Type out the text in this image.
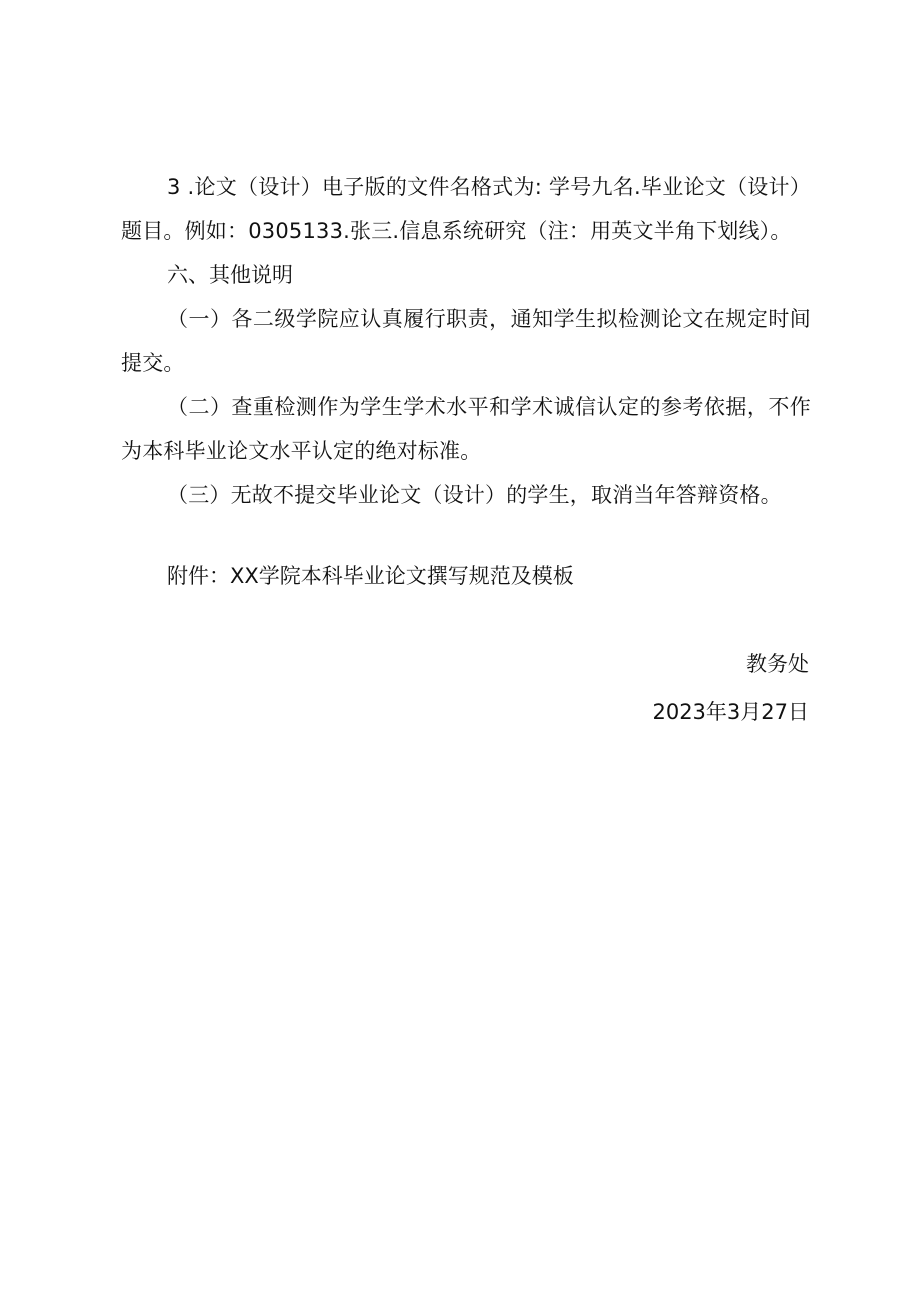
3 .论文（设计）电子版的文件名格式为: 学号九名.毕业论文（设计）题目。例如：0305133.张三.信息系统研究（注：用英文半角下划线）。

六、其他说明

（一）各二级学院应认真履行职责，通知学生拟检测论文在规定时间提交。

（二）查重检测作为学生学术水平和学术诚信认定的参考依据，不作为本科毕业论文水平认定的绝对标准。

（三）无故不提交毕业论文（设计）的学生，取消当年答辩资格。

附件：XX学院本科毕业论文撰写规范及模板

教务处

2023年3月27日
